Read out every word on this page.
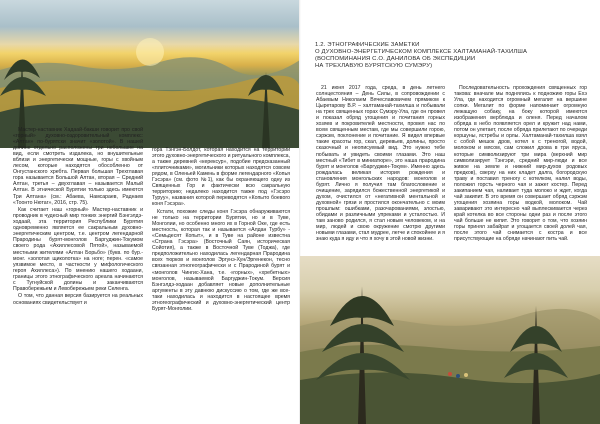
Мастер-наставник Хадаай-бакши говорит про свой «горный» духовно-оздоровительный комплекс: «Алтан» по-бурятски значит «золотой». В нашей долине отдельно расположены три небольшие на вид, если смотреть издалека, но внушительные вблизи и энергетически мощные, горы с хвойным лесом, которые находятся обособленно от Онгустанского хребта. Первая большая Трехглавая гора называется Большой Алтан, вторая – Средний Алтан, третья – двухглавая – называется Малый Алтан. В этнической Бурятии только здесь имеются Три Алтана» (см.: Абаева, Намсараев, Раднаев «Тоонто Нютаг», 2016, стр. 75).

Как считает наш «горный» Мастер-наставник и проводник в чудесный мир тонких энергий Бэнгэлдэ-ходаай, эта территория Республики Бурятия одновременно является ее сакральным духовно-энергетическим центром, т.е. центром легендарной Прародины бурят-монголов Баргуджин-Токумом своего рода «Ахиллесовой Пятой», называемой местными жителями «Алтан Борьбо» (букв. по бур.-монг. «золотая щиколотка» на ноге; перен. «самое уязвимое место, в частности у мифологического героя Ахиллеса»). По мнению нашего ходаани, границы этого этнографического ареала начинаются с Тугнуйской долины и заканчиваются Правобережьем и Левобережьем реки Селенга.

О том, что данная версия базируется на реальных основаниях свидетельствует и

гора Тэнгэн-Болдот, которая находится на территории этого духовно-энергетического и ритуального комплекса, а также деревней «керексур», подобие предсказанный «плиточниками», могильники которых находятся совсем рядом, в Оленьей Камень в форме легендарного «Копья Гэсэра» (см. фото №1), как бы охраняющего одну из Священных Гор и фактически всю сакральную территорию; недалеко находится также под «Гэсэро Туруу», названия которой переводятся «Копыто боевого коня Гэсэра».

Кстати, похожие следы коня Гэсэра обнаруживаются не только на территории Бурятии, но и в Туве, Монголии, но особенно много их в Горной Оке, где есть местность, которая так и называется «Алдан Турбу» - «Семьдесят Копыт», и в Туве на районе известна «Страна Гэсэра» (Восточный Саян, историческая Сойотия), а также в Восточной Туве (Тоджа), где предположительно находилась легендарная Прародина всех тюрков и монголов Эргунэ-Хун/Эргенекон, тесно связанная этногеографически и с Прародиной бурят и «монголов Чингис-Хана, т.е. «горных», «хребетных» монголов, называемой Баргуджин-Токум. Версия Бэнгэлдэ-ходаан добавляет новые дополнительные аргументы в эту давнюю дискуссию о том, где же все-таки находилась и находится в настоящее время этногеографический и духовно-энергетический центр Бурят-Монголии.

1.2. ЭТНОГРАФИЧЕСКИЕ ЗАМЕТКИ
О ДУХОВНО-ЭНЕРГЕТИЧЕСКОМ КОМПЛЕКСЕ ХАЛТАМАНАЙ-ТАХИЛША
(ВОСПОМИНАНИЯ С.О. ДАНИЛОВА ОБ ЭКСПЕДИЦИИ
НА ТРЕХЛАВУЮ БУРЯТСКУЮ СУМЭРУ)

21 июня 2017 года, среда, в день летнего солнцестояния – День Силы, в сопровождении с Абаевым Николаем Вячеславовичем прямиком к Цыретарову В.Р. – халтаманай-тахилша и побывали на трех священных горах Сумэру-Ула, где он провел и показал обряд угощения и почитания горных хозяев и покровителей местности, провел нас по всем священным местам, где мы совершили горою, сэржэм, поклонение и почитание. Я видел впервые такие красоты гор, скал, деревьев, долины, просто сказочный и неописуемый вид. Это нужно тебе побывать и увидеть своими глазами. Это наш местный «Тибет в миниатюре», это наша прародина бурят и монголов «Баргуджин-Токум». Именно здесь рождалась великая история рождения и становления монгольских народов: монголов и бурят. Лично я получил там благословение и очищение, зарядился божественной энергетикой и духом, очистился от «негативной ментальной и духовной» грязи и простился окончательно с моим прошлым: ошибками, разочарованиями, злостью, обидами и различными упреками и усталостью. И там заново родился, я стал новым человеком, и на мир, людей и свою окружение смотрю другими новыми глазами, стал мудрее, легче и спокойнее и я знаю куда я иду и что я хочу в этой новой жизни.

Последовательность прохождения священных гор такова: вначале мы поднялись к подножию горы Ехэ Ула, где находится огромный мегалит на вершине сопки. Мегалит по форме напоминает огромную лежащую собаку, на боку которой имеются изображения верблюда и оленя. Перед началом обряда в небо появляется орел и кружит над нами, потом он улетает, после обряда прилетают по очереди коршуны, ястребы и орлы. Халтаманай-тахилша взял с собой мешок дров, котел к с треногой, водой, молоком и мясом, сам сложил дрова в три яруса, которые символизируют три мира (верхний мир символизирует Тэнгэри, средний мир-люди и все живое на земле и нижний мир-духов родовых предков), сверху на них кладет далга, богородскую траву и поставил треногу с котелком, налил воды, положил горсть черного чая и зажег костер. Перед закипанием чая, наливает туда молоко и ждет, когда чай закипит. В это время он совершает обряд сэржэм угощения хозяина горы водкой, молоком. Чай заваривают это интересно чай выплескивается через край котелка во все стороны одни раз и после этого чай больше не кипит. Это говорит о том, что хозяин горы принял забайрат и угощается своей долей чая, после этого чай снимается с костра и все присутствующие на обряде начинают пить чай.
